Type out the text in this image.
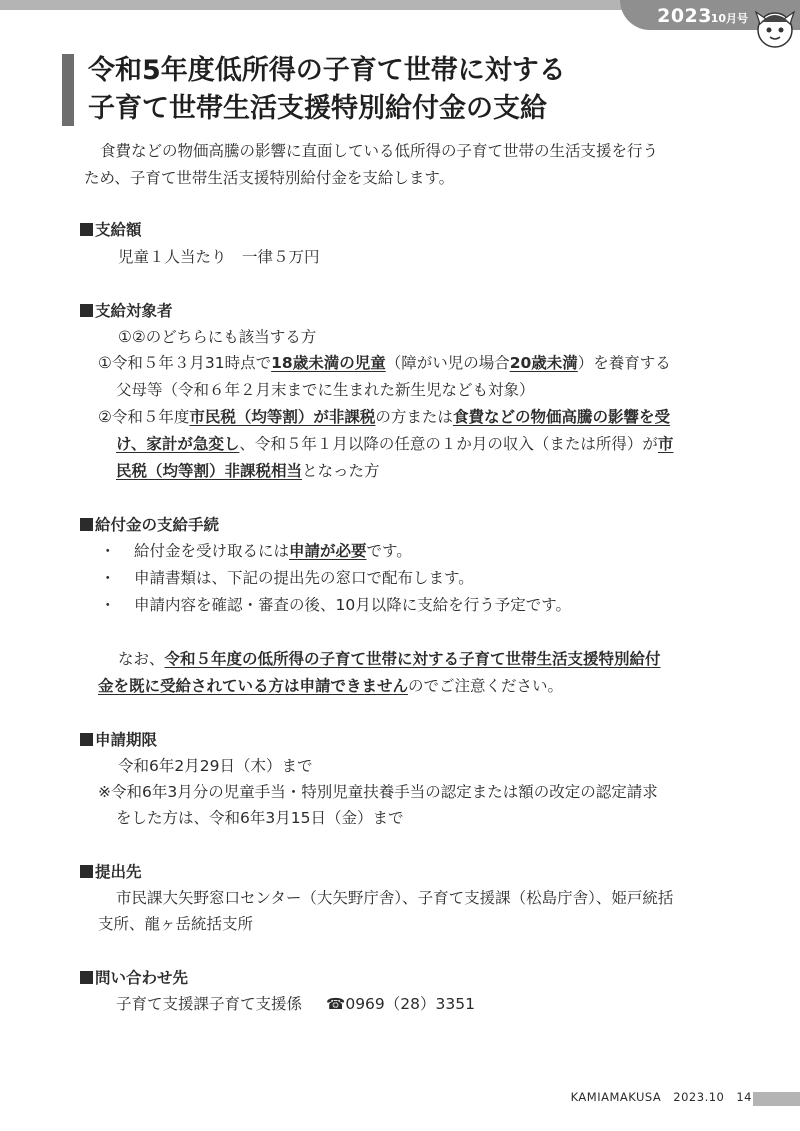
2023
10月号
令和5年度低所得の子育て世帯に対する
子育て世帯生活支援特別給付金の支給
食費などの物価高騰の影響に直面している低所得の子育て世帯の生活支援を行う
ため、子育て世帯生活支援特別給付金を支給します。
支給額
児童１人当たり　一律５万円
支給対象者
①②のどちらにも該当する方
①令和５年３月31時点で18歳未満の児童（障がい児の場合20歳未満）を養育する
父母等（令和６年２月末までに生まれた新生児なども対象）
②令和５年度市民税（均等割）が非課税の方または食費などの物価高騰の影響を受
け、家計が急変し、令和５年１月以降の任意の１か月の収入（または所得）が市
民税（均等割）非課税相当となった方
給付金の支給手続
・ 給付金を受け取るには申請が必要です。
・ 申請書類は、下記の提出先の窓口で配布します。
・ 申請内容を確認・審査の後、10月以降に支給を行う予定です。
なお、令和５年度の低所得の子育て世帯に対する子育て世帯生活支援特別給付
金を既に受給されている方は申請できませんのでご注意ください。
申請期限
令和6年2月29日（木）まで
※令和6年3月分の児童手当・特別児童扶養手当の認定または額の改定の認定請求
をした方は、令和6年3月15日（金）まで
提出先
市民課大矢野窓口センター（大矢野庁舎）、子育て支援課（松島庁舎）、姫戸統括
支所、龍ヶ岳統括支所
問い合わせ先
子育て支援課子育て支援係 ☎0969（28）3351
KAMIAMAKUSA　2023.10　14
